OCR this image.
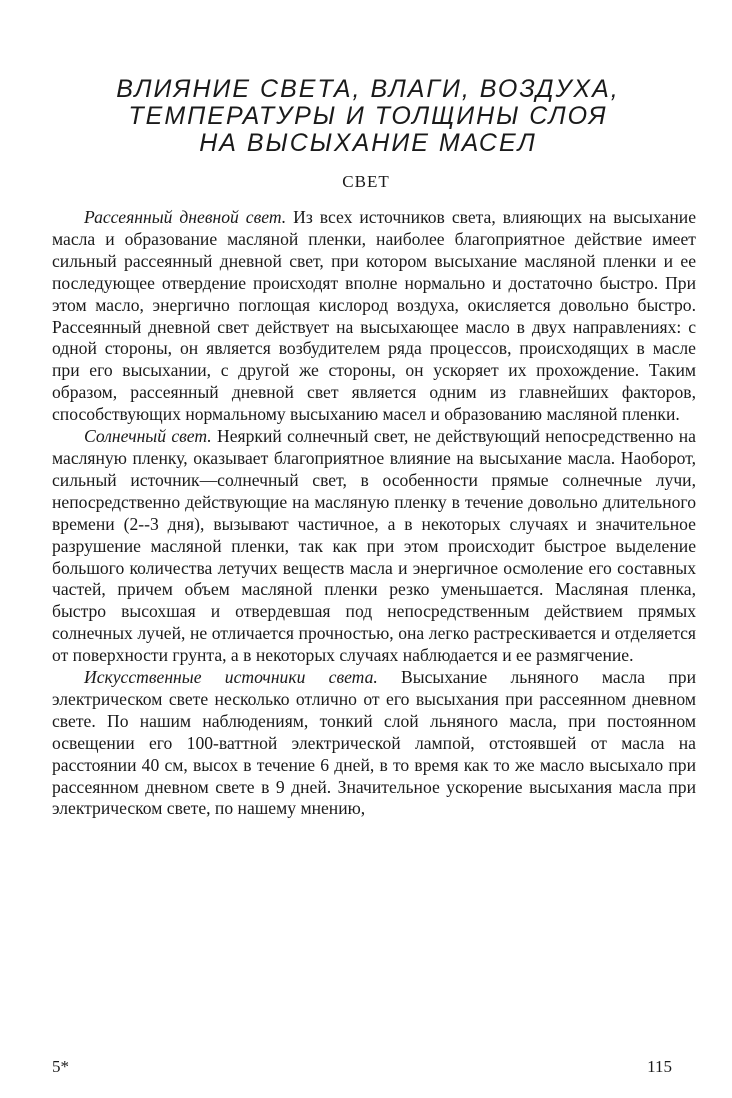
ВЛИЯНИЕ СВЕТА, ВЛАГИ, ВОЗДУХА,
ТЕМПЕРАТУРЫ И ТОЛЩИНЫ СЛОЯ
НА ВЫСЫХАНИЕ МАСЕЛ
СВЕТ

Рассеянный дневной свет. Из всех источников света, влияющих на высыхание масла и образование масляной пленки, наиболее благоприятное действие имеет сильный рассеянный дневной свет, при котором высыхание масляной пленки и ее последующее отвердение происходят вполне нормально и достаточно быстро. При этом масло, энергично поглощая кислород воздуха, окисляется довольно быстро. Рассеянный дневной свет действует на высыхающее масло в двух направлениях: с одной стороны, он является возбудителем ряда процессов, происходящих в масле при его высыхании, с другой же стороны, он ускоряет их прохождение. Таким образом, рассеянный дневной свет является одним из главнейших факторов, способствующих нормальному высыханию масел и образованию масляной пленки.

Солнечный свет. Неяркий солнечный свет, не действующий непосредственно на масляную пленку, оказывает благоприятное влияние на высыхание масла. Наоборот, сильный источник—солнечный свет, в особенности прямые солнечные лучи, непосредственно действующие на масляную пленку в течение довольно длительного времени (2--3 дня), вызывают частичное, а в некоторых случаях и значительное разрушение масляной пленки, так как при этом происходит быстрое выделение большого количества летучих веществ масла и энергичное осмоление его составных частей, причем объем масляной пленки резко уменьшается. Масляная пленка, быстро высохшая и отвердевшая под непосредственным действием прямых солнечных лучей, не отличается прочностью, она легко растрескивается и отделяется от поверхности грунта, а в некоторых случаях наблюдается и ее размягчение.

Искусственные источники света. Высыхание льняного масла при электрическом свете несколько отлично от его высыхания при рассеянном дневном свете. По нашим наблюдениям, тонкий слой льняного масла, при постоянном освещении его 100-ваттной электрической лампой, отстоявшей от масла на расстоянии 40 см, высох в течение 6 дней, в то время как то же масло высыхало при рассеянном дневном свете в 9 дней. Значительное ускорение высыхания масла при электрическом свете, по нашему мнению,

5*	115
